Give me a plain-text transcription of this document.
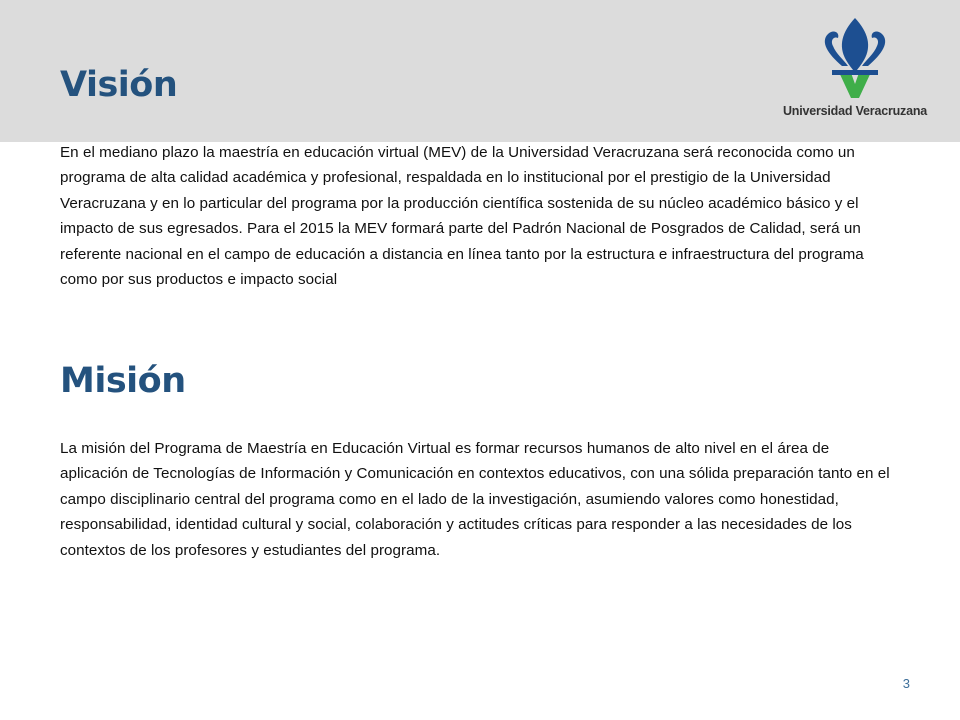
Universidad Veracruzana
Visión

En el mediano plazo la maestría en educación virtual (MEV) de la Universidad Veracruzana será reconocida como un programa de alta calidad académica y profesional, respaldada en lo institucional por el prestigio de la Universidad Veracruzana y en lo particular del programa por la producción científica sostenida de su núcleo académico básico y el impacto de sus egresados. Para el 2015 la MEV formará parte del Padrón Nacional de Posgrados de Calidad, será un referente nacional en el campo de educación a distancia en línea tanto por la estructura e infraestructura del programa como por sus productos e impacto social

Misión

La misión del Programa de Maestría en Educación Virtual es formar recursos humanos de alto nivel en el área de aplicación de Tecnologías de Información y Comunicación en contextos educativos, con una sólida preparación tanto en el campo disciplinario central del programa como en el lado de la investigación, asumiendo valores como honestidad, responsabilidad, identidad cultural y social, colaboración y actitudes críticas para responder a las necesidades de los contextos de los profesores y estudiantes del programa.

3
